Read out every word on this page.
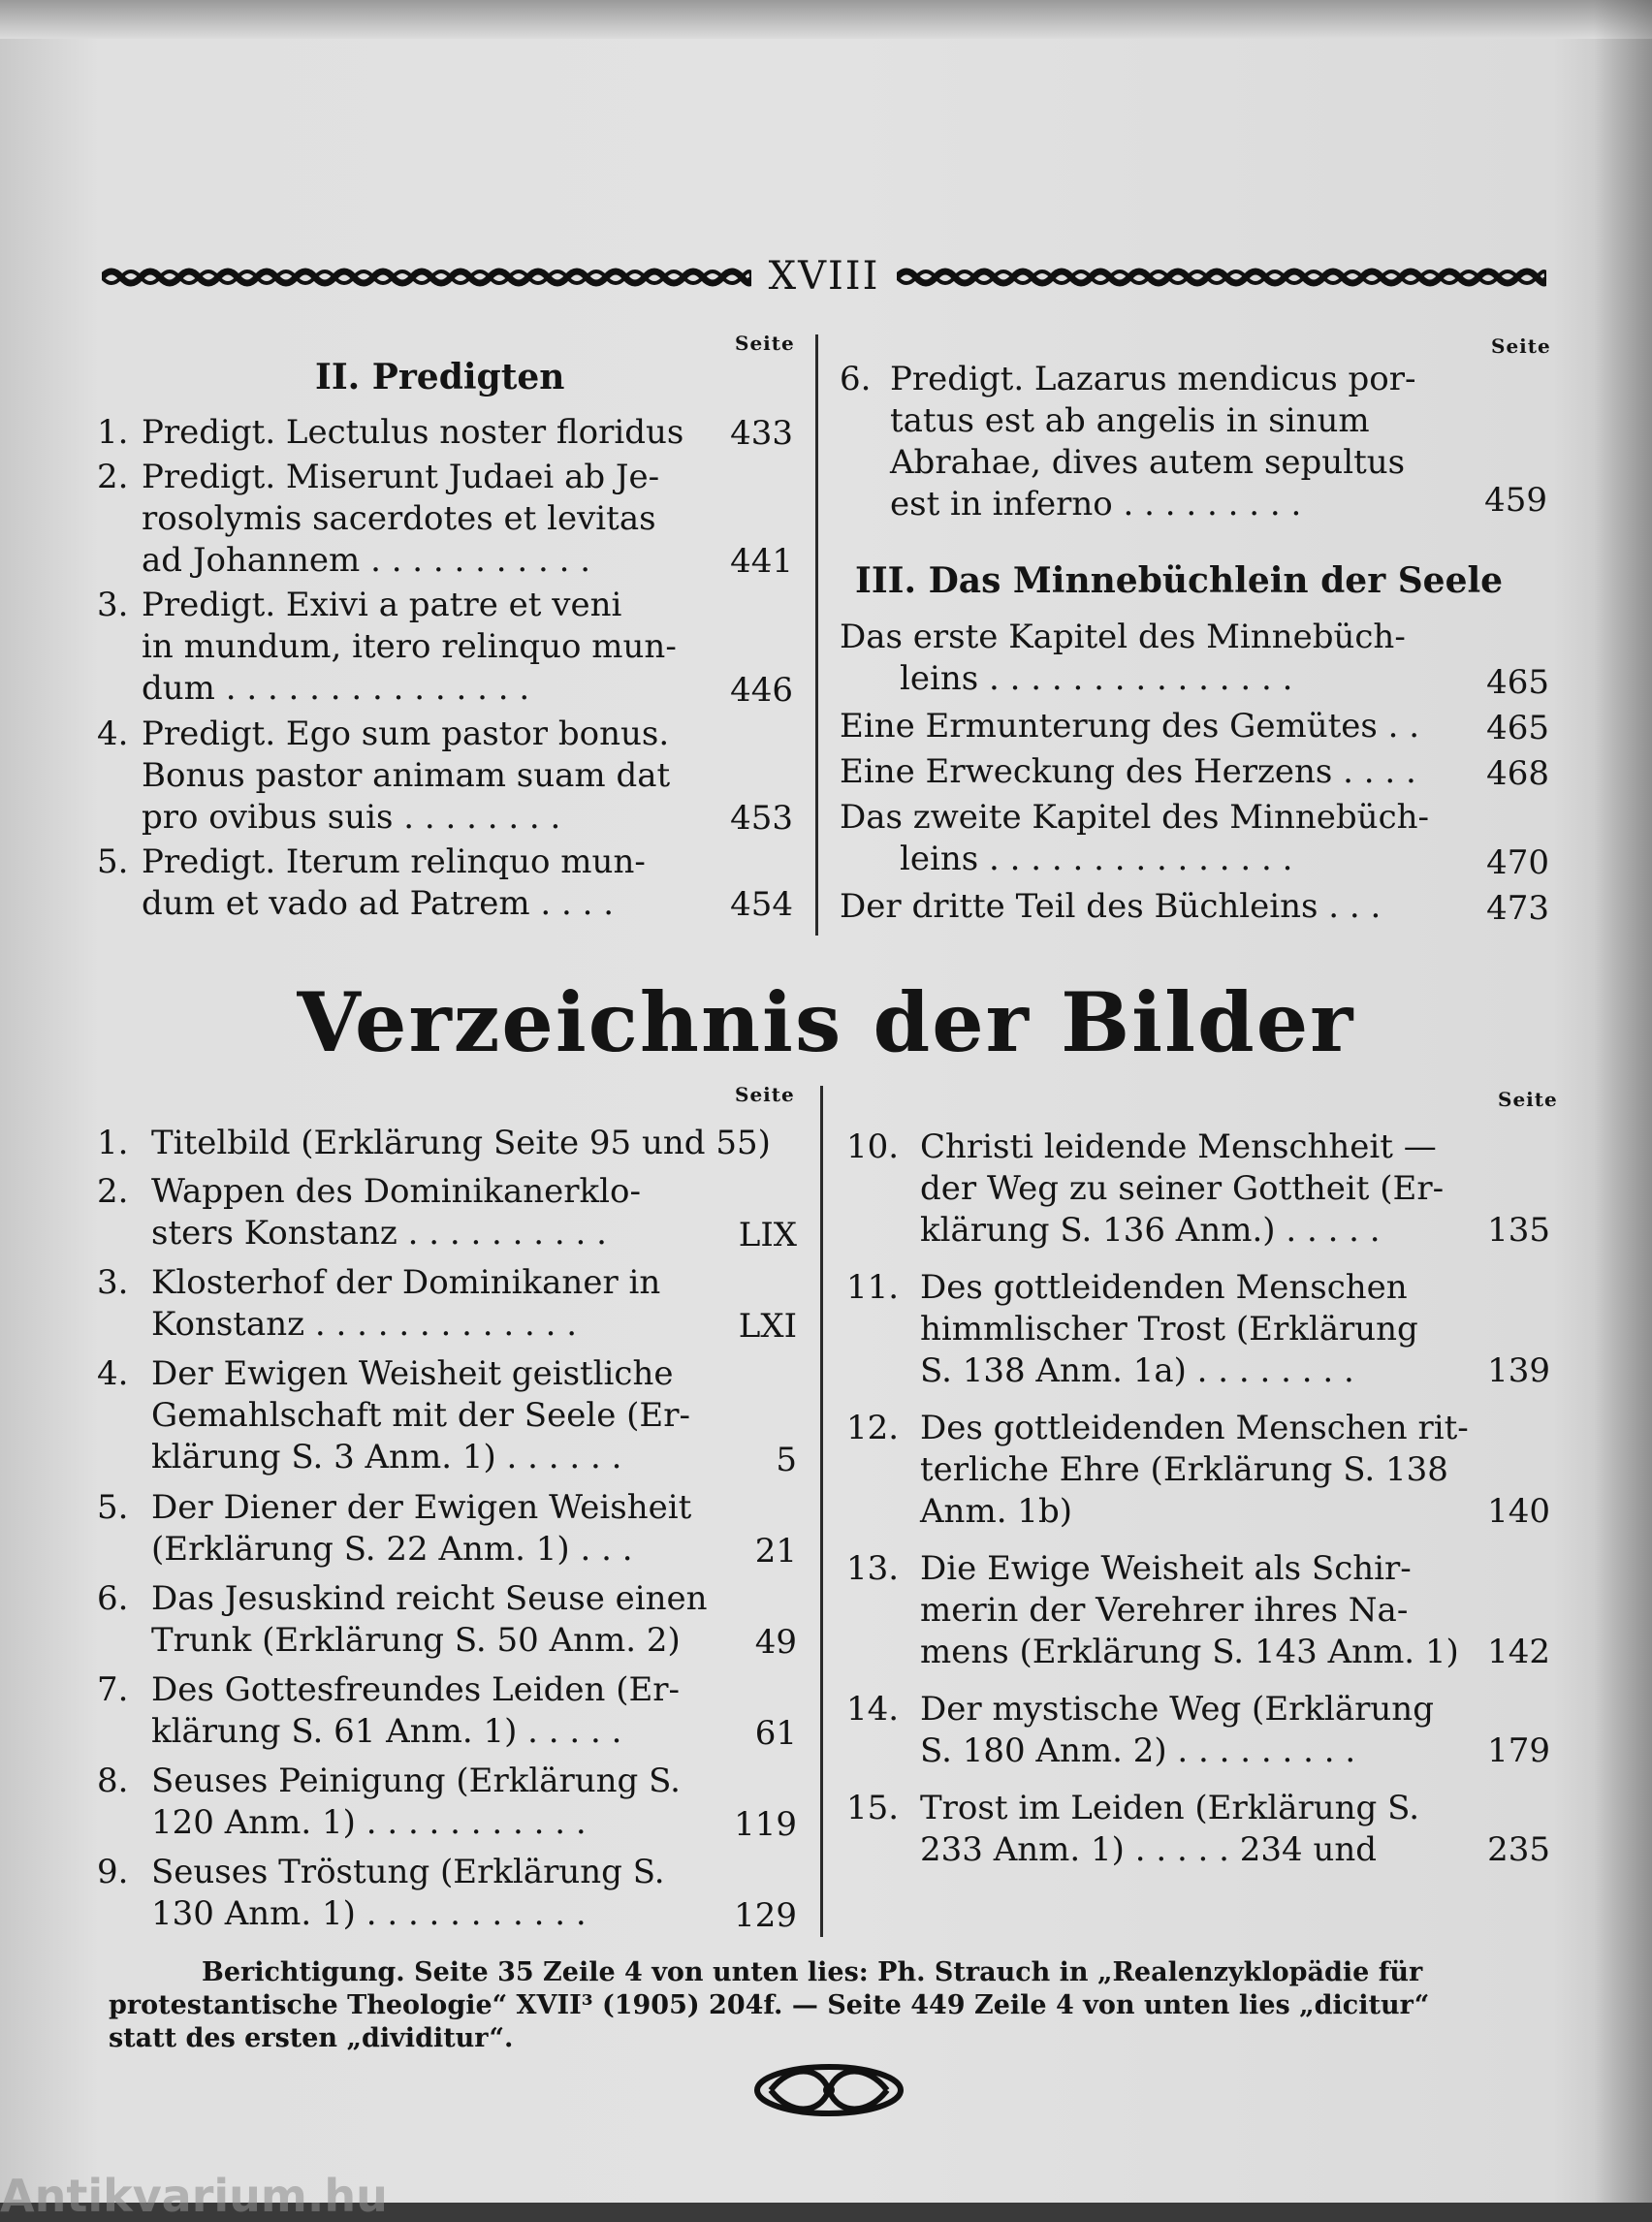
XVIII
Seite	Seite
II. Predigten
1. Predigt. Lectulus noster floridus	433
2. Predigt. Miserunt Judaei ab Je-
rosolymis sacerdotes et levitas
ad Johannem . . . . . . . . . . .	441
3. Predigt. Exivi a patre et veni
in mundum, itero relinquo mun-
dum . . . . . . . . . . . . . . .	446
4. Predigt. Ego sum pastor bonus.
Bonus pastor animam suam dat
pro ovibus suis . . . . . . . .	453
5. Predigt. Iterum relinquo mun-
dum et vado ad Patrem . . . .	454
6. Predigt. Lazarus mendicus por-
tatus est ab angelis in sinum
Abrahae, dives autem sepultus
est in inferno . . . . . . . . .	459
III. Das Minnebüchlein der Seele
Das erste Kapitel des Minnebüch-
leins . . . . . . . . . . . . . . .	465
Eine Ermunterung des Gemütes . .	465
Eine Erweckung des Herzens . . . .	468
Das zweite Kapitel des Minnebüch-
leins . . . . . . . . . . . . . . .	470
Der dritte Teil des Büchleins . . .	473
Verzeichnis der Bilder
Seite	Seite
1. Titelbild (Erklärung Seite 95 und 55)
2. Wappen des Dominikanerklo-
sters Konstanz . . . . . . . . . .	LIX
3. Klosterhof der Dominikaner in
Konstanz . . . . . . . . . . . . .	LXI
4. Der Ewigen Weisheit geistliche
Gemahlschaft mit der Seele (Er-
klärung S. 3 Anm. 1) . . . . . .	5
5. Der Diener der Ewigen Weisheit
(Erklärung S. 22 Anm. 1) . . .	21
6. Das Jesuskind reicht Seuse einen
Trunk (Erklärung S. 50 Anm. 2)	49
7. Des Gottesfreundes Leiden (Er-
klärung S. 61 Anm. 1) . . . . .	61
8. Seuses Peinigung (Erklärung S.
120 Anm. 1) . . . . . . . . . . .	119
9. Seuses Tröstung (Erklärung S.
130 Anm. 1) . . . . . . . . . . .	129
10. Christi leidende Menschheit —
der Weg zu seiner Gottheit (Er-
klärung S. 136 Anm.) . . . . .	135
11. Des gottleidenden Menschen
himmlischer Trost (Erklärung
S. 138 Anm. 1a) . . . . . . . .	139
12. Des gottleidenden Menschen rit-
terliche Ehre (Erklärung S. 138
Anm. 1b)	140
13. Die Ewige Weisheit als Schir-
merin der Verehrer ihres Na-
mens (Erklärung S. 143 Anm. 1) 142
14. Der mystische Weg (Erklärung
S. 180 Anm. 2) . . . . . . . . .	179
15. Trost im Leiden (Erklärung S.
233 Anm. 1) . . . . . 234 und	235
Berichtigung. Seite 35 Zeile 4 von unten lies: Ph. Strauch in „Realenzyklopädie für
protestantische Theologie“ XVII³ (1905) 204f. — Seite 449 Zeile 4 von unten lies „dicitur“
statt des ersten „dividitur“.
Antikvarium.hu
